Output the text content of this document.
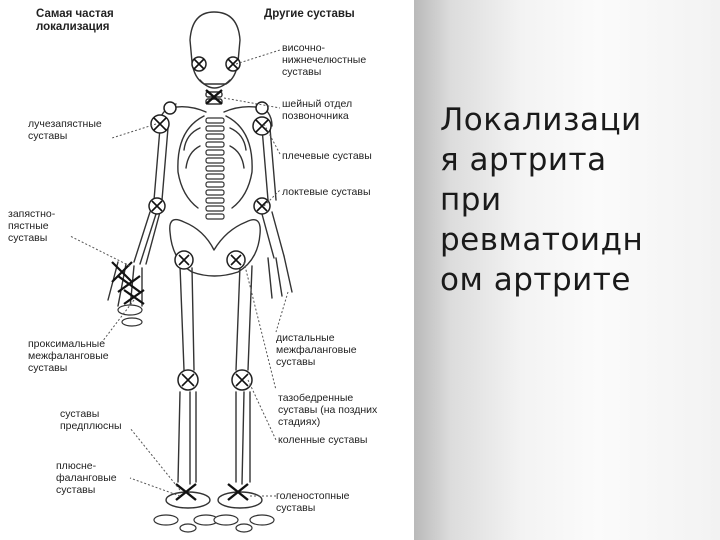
Самая частая
локализация
Другие суставы
лучезапястные
суставы
запястно-
пястные
суставы
проксимальные
межфаланговые
суставы
суставы
предплюсны
плюсне-
фаланговые
суставы
височно-
нижнечелюстные
суставы
шейный отдел
позвоночника
плечевые суставы
локтевые суставы
дистальные
межфаланговые
суставы
тазобедренные
суставы (на поздних
стадиях)
коленные суставы
голеностопные
суставы
Локализаци
я артрита
при
ревматоидн
ом артрите
